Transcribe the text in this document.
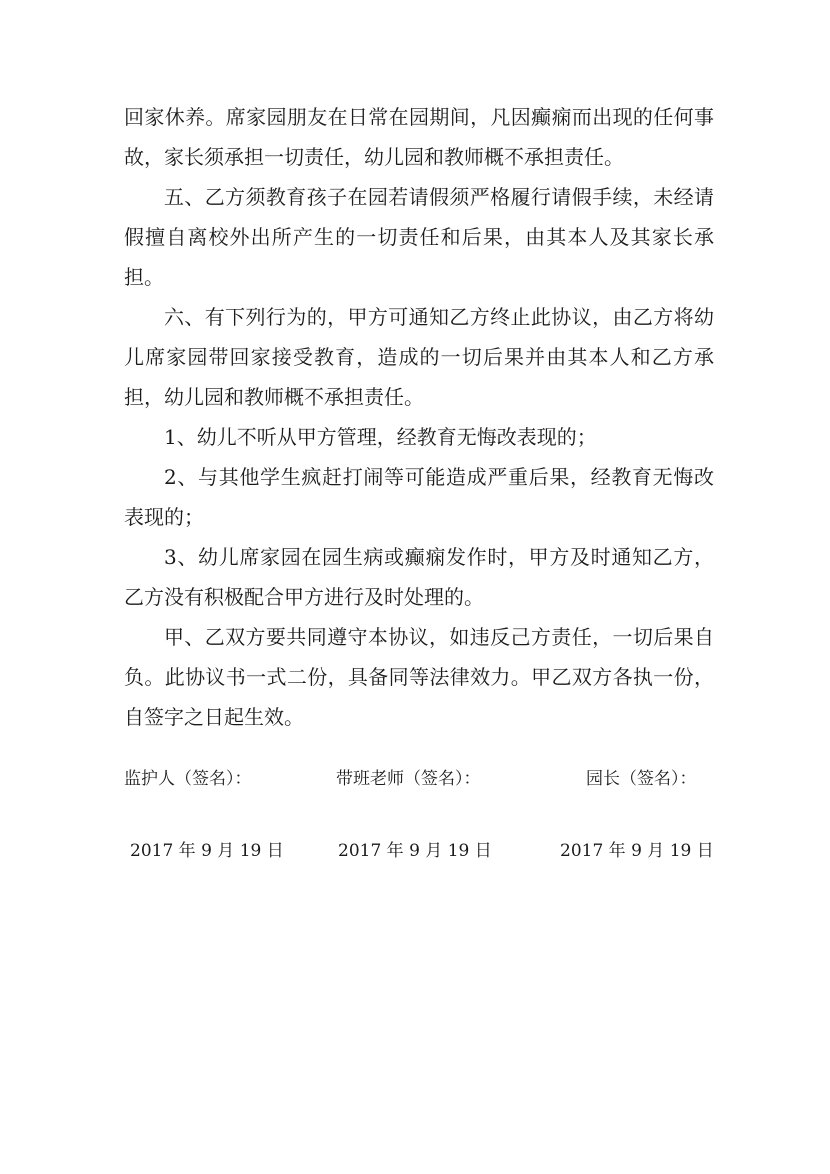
回家休养。席家园朋友在日常在园期间，凡因癫痫而出现的任何事故，家长须承担一切责任，幼儿园和教师概不承担责任。

五、乙方须教育孩子在园若请假须严格履行请假手续，未经请假擅自离校外出所产生的一切责任和后果，由其本人及其家长承担。

六、有下列行为的，甲方可通知乙方终止此协议，由乙方将幼儿席家园带回家接受教育，造成的一切后果并由其本人和乙方承担，幼儿园和教师概不承担责任。

1、幼儿不听从甲方管理，经教育无悔改表现的；

2、与其他学生疯赶打闹等可能造成严重后果，经教育无悔改表现的；

3、幼儿席家园在园生病或癫痫发作时，甲方及时通知乙方，乙方没有积极配合甲方进行及时处理的。

甲、乙双方要共同遵守本协议，如违反己方责任，一切后果自负。此协议书一式二份，具备同等法律效力。甲乙双方各执一份，自签字之日起生效。

监护人（签名）：	带班老师（签名）：	园长（签名）：
2017 年 9 月 19 日	2017 年 9 月 19 日	2017 年 9 月 19 日
